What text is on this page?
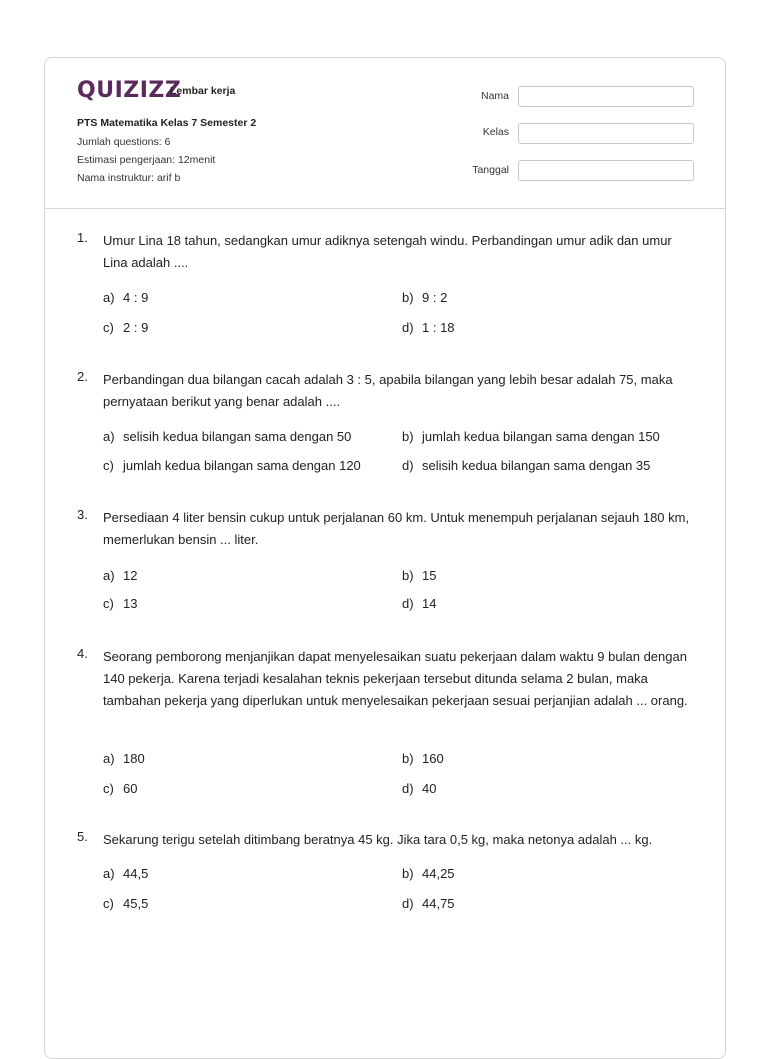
QUIZIZZ
Lembar kerja
PTS Matematika Kelas 7 Semester 2
Jumlah questions: 6
Estimasi pengerjaan: 12menit
Nama instruktur: arif b
Nama
Kelas
Tanggal
1. Umur Lina 18 tahun, sedangkan umur adiknya setengah windu. Perbandingan umur adik dan umur Lina adalah ....
a) 4 : 9	b) 9 : 2
c) 2 : 9	d) 1 : 18
2. Perbandingan dua bilangan cacah adalah 3 : 5, apabila bilangan yang lebih besar adalah 75, maka pernyataan berikut yang benar adalah ....
a) selisih kedua bilangan sama dengan 50	b) jumlah kedua bilangan sama dengan 150
c) jumlah kedua bilangan sama dengan 120	d) selisih kedua bilangan sama dengan 35
3. Persediaan 4 liter bensin cukup untuk perjalanan 60 km. Untuk menempuh perjalanan sejauh 180 km, memerlukan bensin ... liter.
a) 12	b) 15
c) 13	d) 14
4. Seorang pemborong menjanjikan dapat menyelesaikan suatu pekerjaan dalam waktu 9 bulan dengan 140 pekerja. Karena terjadi kesalahan teknis pekerjaan tersebut ditunda selama 2 bulan, maka tambahan pekerja yang diperlukan untuk menyelesaikan pekerjaan sesuai perjanjian adalah ... orang.
a) 180	b) 160
c) 60	d) 40
5. Sekarung terigu setelah ditimbang beratnya 45 kg. Jika tara 0,5 kg, maka netonya adalah ... kg.
a) 44,5	b) 44,25
c) 45,5	d) 44,75
